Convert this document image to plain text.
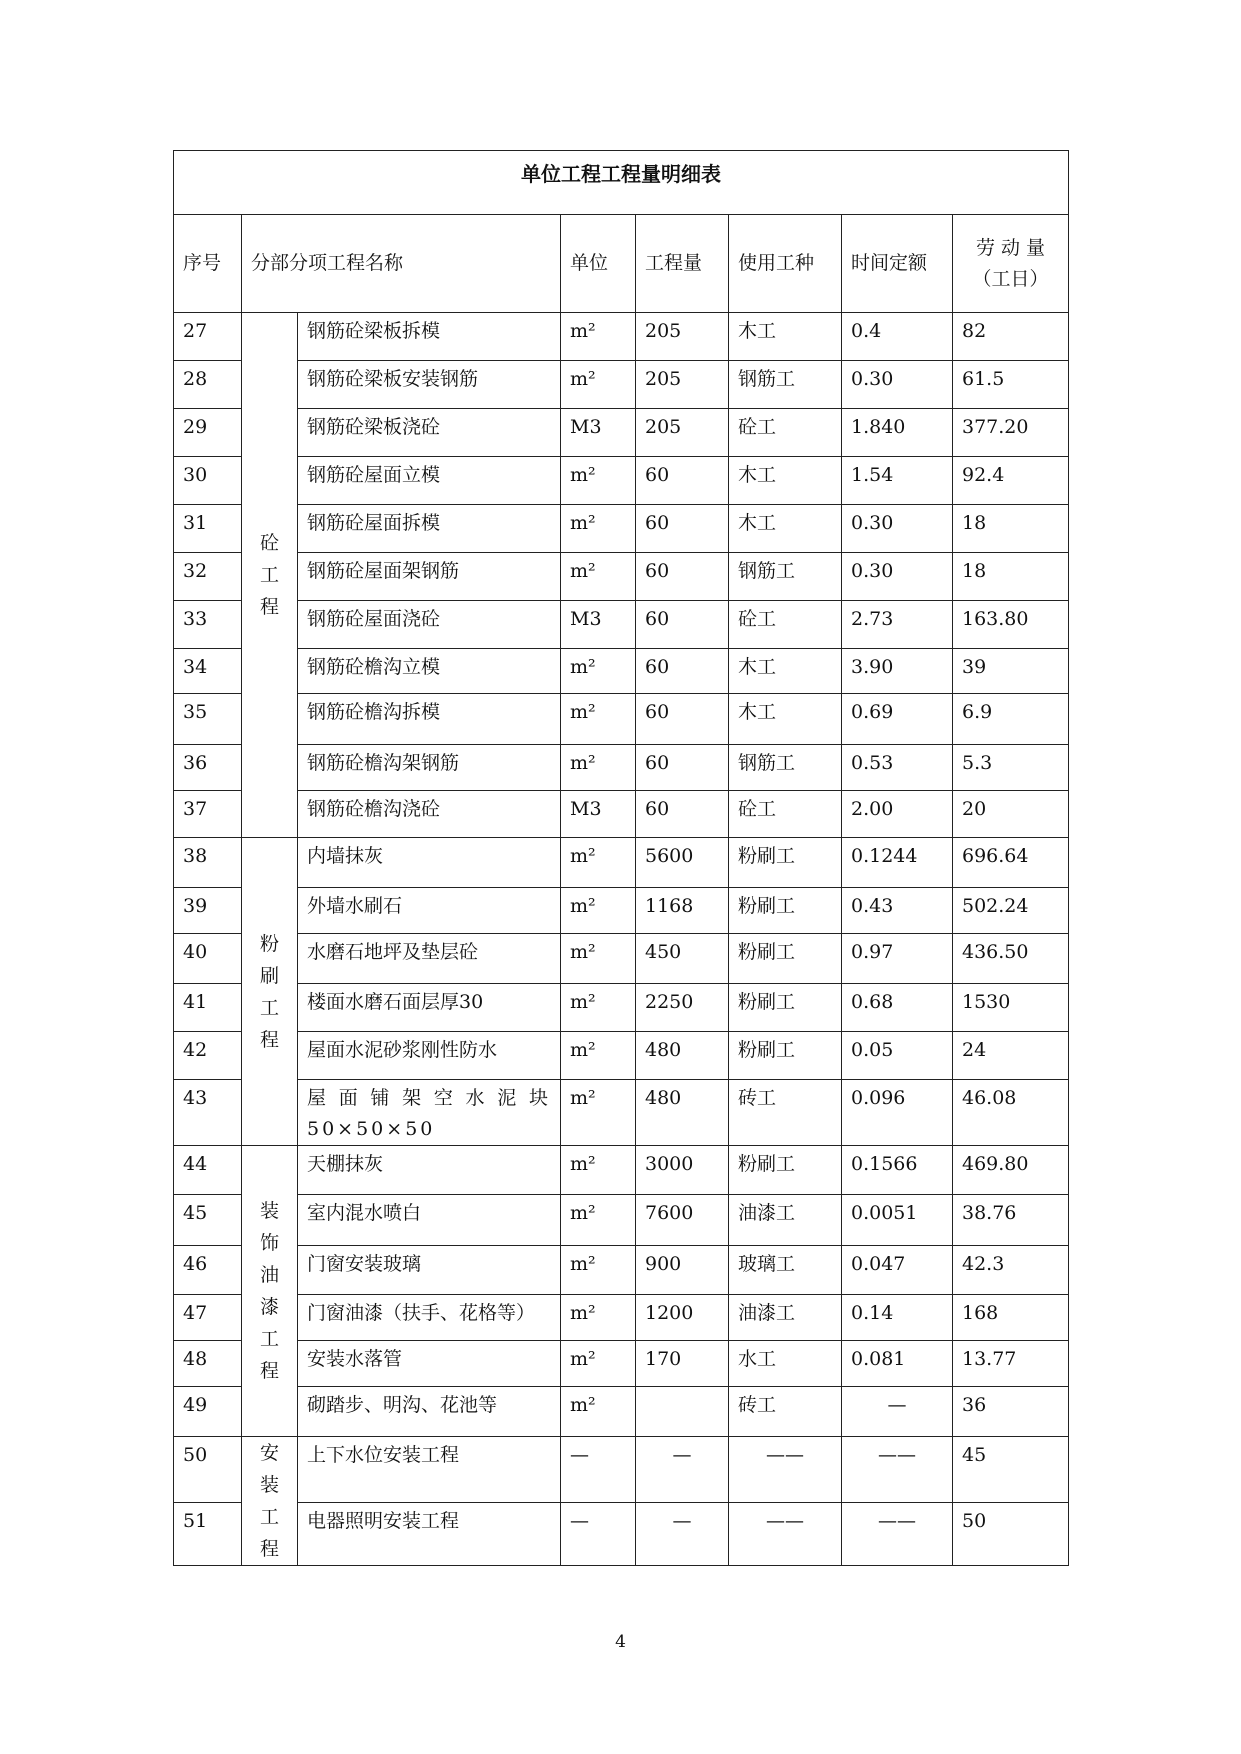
单位工程工程量明细表							
序号	分部分项工程名称		单位	工程量	使用工种	时间定额	劳 动 量
（工日）

27	砼工程	钢筋砼梁板拆模	m²	205	木工	0.4	82
28		钢筋砼梁板安装钢筋	m²	205	钢筋工	0.30	61.5
29		钢筋砼梁板浇砼	M3	205	砼工	1.840	377.20
30		钢筋砼屋面立模	m²	60	木工	1.54	92.4
31		钢筋砼屋面拆模	m²	60	木工	0.30	18
32		钢筋砼屋面架钢筋	m²	60	钢筋工	0.30	18
33		钢筋砼屋面浇砼	M3	60	砼工	2.73	163.80
34		钢筋砼檐沟立模	m²	60	木工	3.90	39
35		钢筋砼檐沟拆模	m²	60	木工	0.69	6.9
36		钢筋砼檐沟架钢筋	m²	60	钢筋工	0.53	5.3
37		钢筋砼檐沟浇砼	M3	60	砼工	2.00	20
38	粉刷工程	内墙抹灰	m²	5600	粉刷工	0.1244	696.64
39		外墙水刷石	m²	1168	粉刷工	0.43	502.24
40		水磨石地坪及垫层砼	m²	450	粉刷工	0.97	436.50
41		楼面水磨石面层厚30	m²	2250	粉刷工	0.68	1530
42		屋面水泥砂浆刚性防水	m²	480	粉刷工	0.05	24
43		屋面铺架空水泥块50×50×50	m²	480	砖工	0.096	46.08
44	装饰油漆工程	天棚抹灰	m²	3000	粉刷工	0.1566	469.80
45		室内混水喷白	m²	7600	油漆工	0.0051	38.76
46		门窗安装玻璃	m²	900	玻璃工	0.047	42.3
47		门窗油漆（扶手、花格等）	m²	1200	油漆工	0.14	168
48		安装水落管	m²	170	水工	0.081	13.77
49		砌踏步、明沟、花池等	m²		砖工	—	36
50	安装工程	上下水位安装工程	—	—	——	——	45
51		电器照明安装工程	—	—	——	——	50
4
